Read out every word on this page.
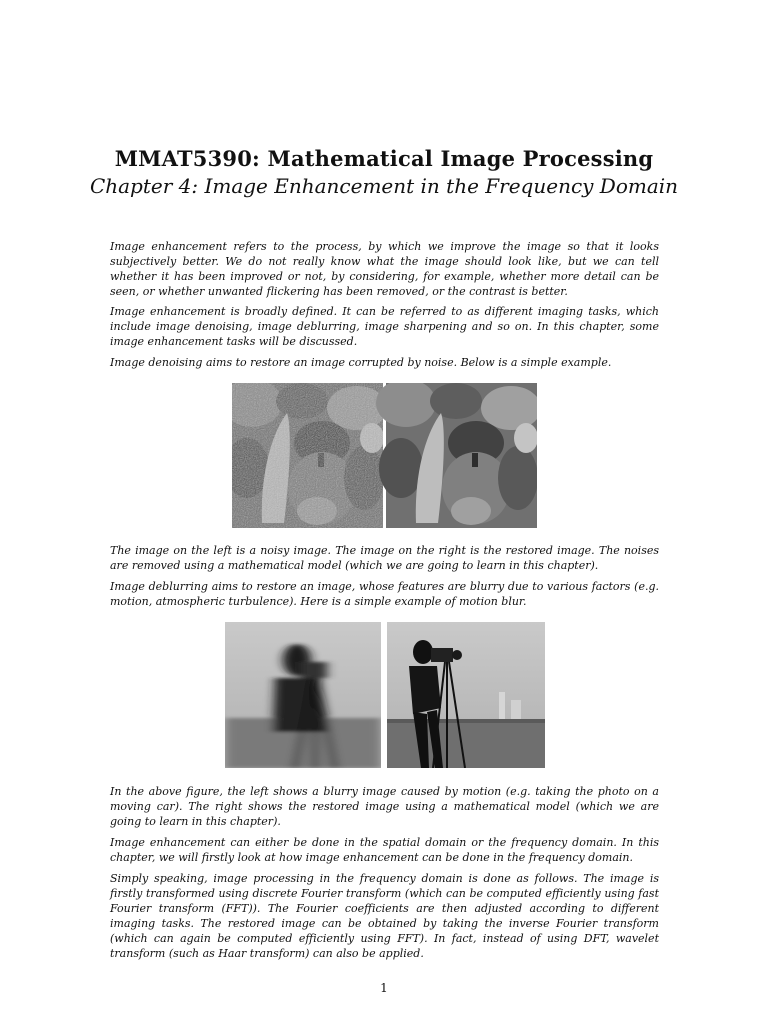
MMAT5390: Mathematical Image Processing
Chapter 4: Image Enhancement in the Frequency Domain
Image enhancement refers to the process, by which we improve the image so that it looks subjectively better. We do not really know what the image should look like, but we can tell whether it has been improved or not, by considering, for example, whether more detail can be seen, or whether unwanted flickering has been removed, or the contrast is better.
Image enhancement is broadly defined. It can be referred to as different imaging tasks, which include image denoising, image deblurring, image sharpening and so on. In this chapter, some image enhancement tasks will be discussed.
Image denoising aims to restore an image corrupted by noise. Below is a simple example.
The image on the left is a noisy image. The image on the right is the restored image. The noises are removed using a mathematical model (which we are going to learn in this chapter).
Image deblurring aims to restore an image, whose features are blurry due to various factors (e.g. motion, atmospheric turbulence). Here is a simple example of motion blur.
In the above figure, the left shows a blurry image caused by motion (e.g. taking the photo on a moving car). The right shows the restored image using a mathematical model (which we are going to learn in this chapter).
Image enhancement can either be done in the spatial domain or the frequency domain. In this chapter, we will firstly look at how image enhancement can be done in the frequency domain.
Simply speaking, image processing in the frequency domain is done as follows. The image is firstly transformed using discrete Fourier transform (which can be computed efficiently using fast Fourier transform (FFT)). The Fourier coefficients are then adjusted according to different imaging tasks. The restored image can be obtained by taking the inverse Fourier transform (which can again be computed efficiently using FFT). In fact, instead of using DFT, wavelet transform (such as Haar transform) can also be applied.
1
